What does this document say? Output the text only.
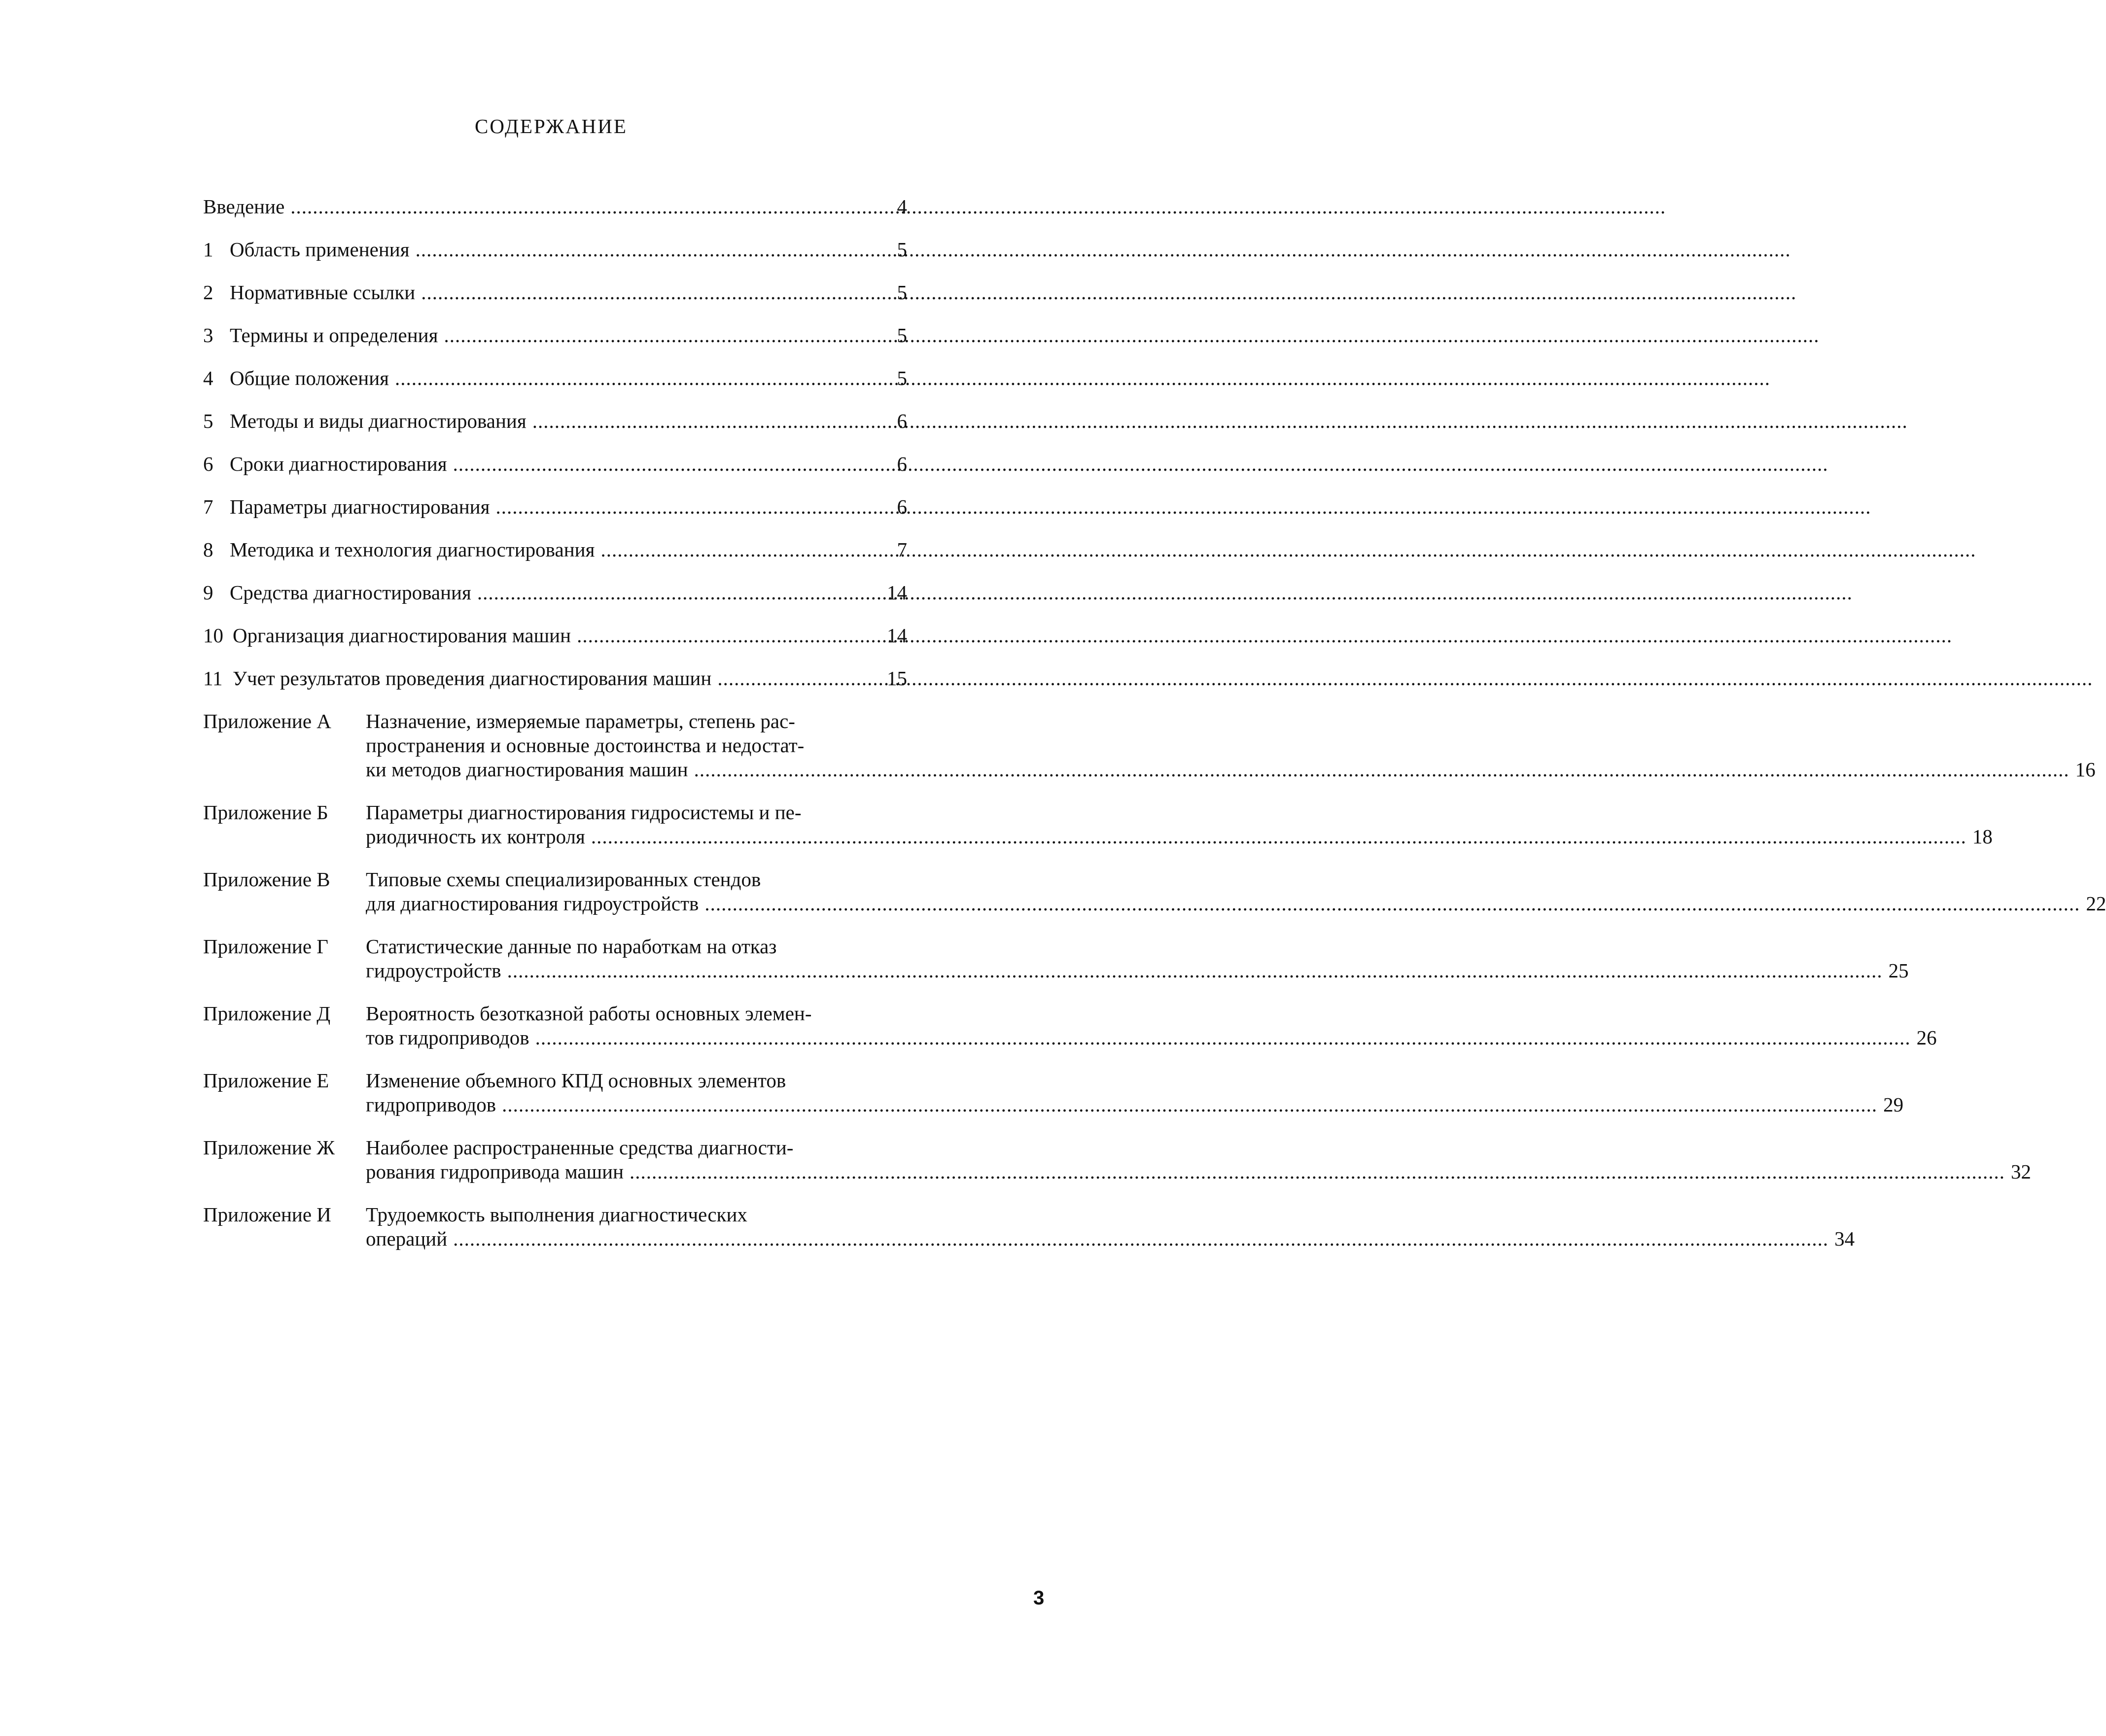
СОДЕРЖАНИЕ
Введение .....	4
1 Область применения .....	5
2 Нормативные ссылки .....	5
3 Термины и определения .....	5
4 Общие положения .....	5
5 Методы и виды диагностирования .....	6
6 Сроки диагностирования .....	6
7 Параметры диагностирования .....	6
8 Методика и технология диагностирования .....	7
9 Средства диагностирования .....	14
10 Организация диагностирования машин .....	14
11 Учет результатов проведения диагностирования машин .....	15
Приложение А	Назначение, измеряемые параметры, степень рас-
пространения и основные достоинства и недостат-
ки методов диагностирования машин .....	16
Приложение Б	Параметры диагностирования гидросистемы и пе-
риодичность их контроля .....	18
Приложение В	Типовые схемы специализированных стендов
для диагностирования гидроустройств .....	22
Приложение Г	Статистические данные по наработкам на отказ
гидроустройств .....	25
Приложение Д	Вероятность безотказной работы основных элемен-
тов гидроприводов .....	26
Приложение Е	Изменение объемного КПД основных элементов
гидроприводов .....	29
Приложение Ж	Наиболее распространенные средства диагности-
рования гидропривода машин .....	32
Приложение И	Трудоемкость выполнения диагностических
операций .....	34
3
